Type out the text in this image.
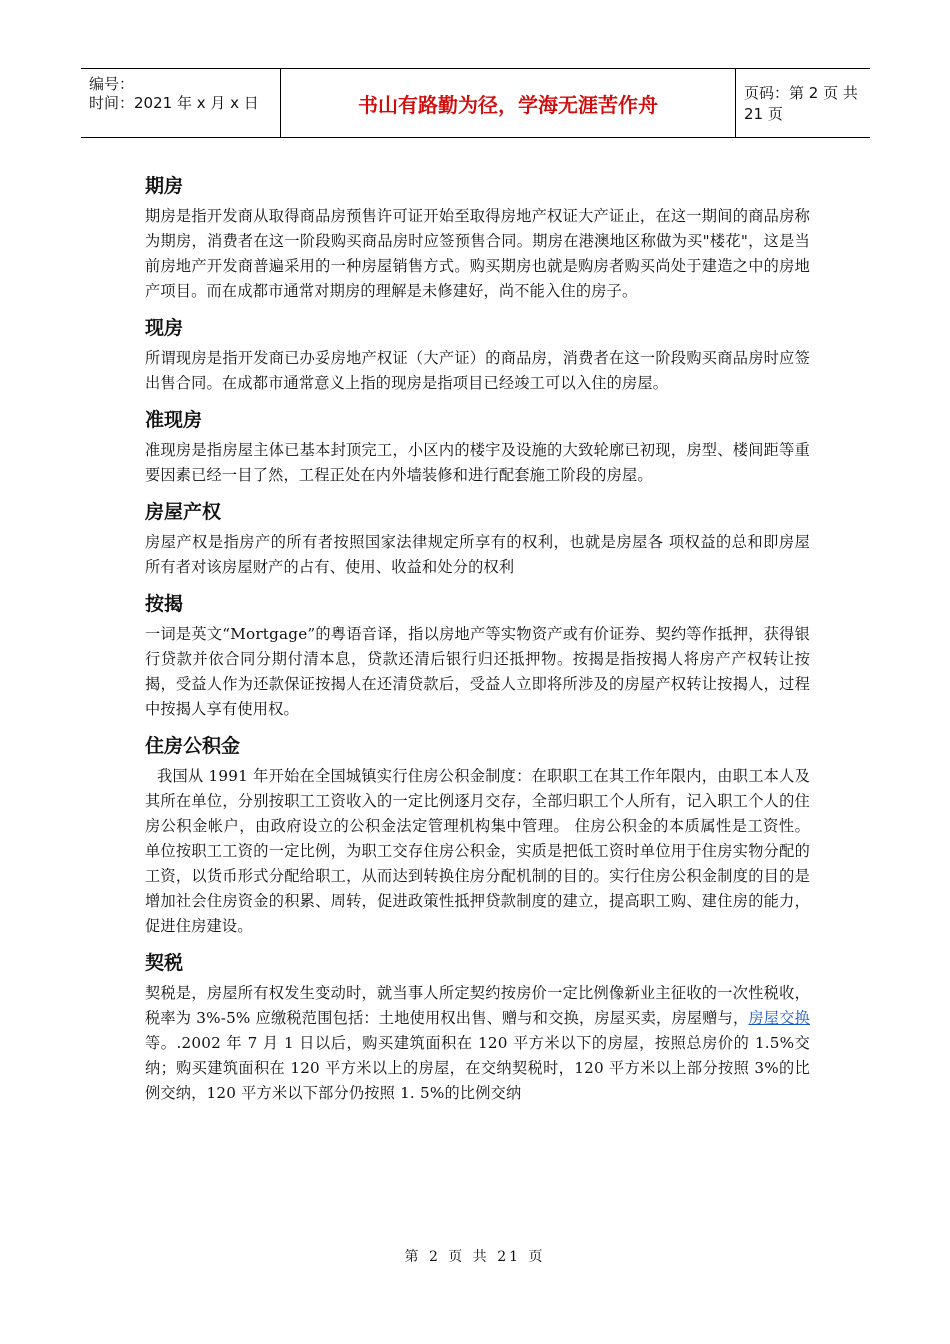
编号：
时间：2021 年 x 月 x 日	书山有路勤为径，学海无涯苦作舟	页码：第 2 页 共 21 页
期房

期房是指开发商从取得商品房预售许可证开始至取得房地产权证大产证止，在这一期间的商品房称为期房，消费者在这一阶段购买商品房时应签预售合同。期房在港澳地区称做为买"楼花"，这是当前房地产开发商普遍采用的一种房屋销售方式。购买期房也就是购房者购买尚处于建造之中的房地产项目。而在成都市通常对期房的理解是未修建好，尚不能入住的房子。

现房

所谓现房是指开发商已办妥房地产权证（大产证）的商品房，消费者在这一阶段购买商品房时应签出售合同。在成都市通常意义上指的现房是指项目已经竣工可以入住的房屋。

准现房

准现房是指房屋主体已基本封顶完工，小区内的楼宇及设施的大致轮廓已初现，房型、楼间距等重要因素已经一目了然，工程正处在内外墙装修和进行配套施工阶段的房屋。

房屋产权

房屋产权是指房产的所有者按照国家法律规定所享有的权利，也就是房屋各 项权益的总和即房屋所有者对该房屋财产的占有、使用、收益和处分的权利

按揭

一词是英文“Mortgage”的粤语音译，指以房地产等实物资产或有价证券、契约等作抵押，获得银行贷款并依合同分期付清本息，贷款还清后银行归还抵押物。按揭是指按揭人将房产产权转让按揭，受益人作为还款保证按揭人在还清贷款后，受益人立即将所涉及的房屋产权转让按揭人，过程中按揭人享有使用权。

住房公积金

我国从 1991 年开始在全国城镇实行住房公积金制度：在职职工在其工作年限内，由职工本人及其所在单位，分别按职工工资收入的一定比例逐月交存，全部归职工个人所有，记入职工个人的住房公积金帐户，由政府设立的公积金法定管理机构集中管理。 住房公积金的本质属性是工资性。单位按职工工资的一定比例，为职工交存住房公积金，实质是把低工资时单位用于住房实物分配的工资，以货币形式分配给职工，从而达到转换住房分配机制的目的。实行住房公积金制度的目的是增加社会住房资金的积累、周转，促进政策性抵押贷款制度的建立，提高职工购、建住房的能力，促进住房建设。

契税

契税是，房屋所有权发生变动时，就当事人所定契约按房价一定比例像新业主征收的一次性税收，税率为 3%-5% 应缴税范围包括：土地使用权出售、赠与和交换，房屋买卖，房屋赠与，房屋交换等。.2002 年 7 月 1 日以后，购买建筑面积在 120 平方米以下的房屋，按照总房价的 1.5%交纳；购买建筑面积在 120 平方米以上的房屋，在交纳契税时，120 平方米以上部分按照 3%的比例交纳，120 平方米以下部分仍按照 1. 5%的比例交纳

第 2 页 共 21 页
